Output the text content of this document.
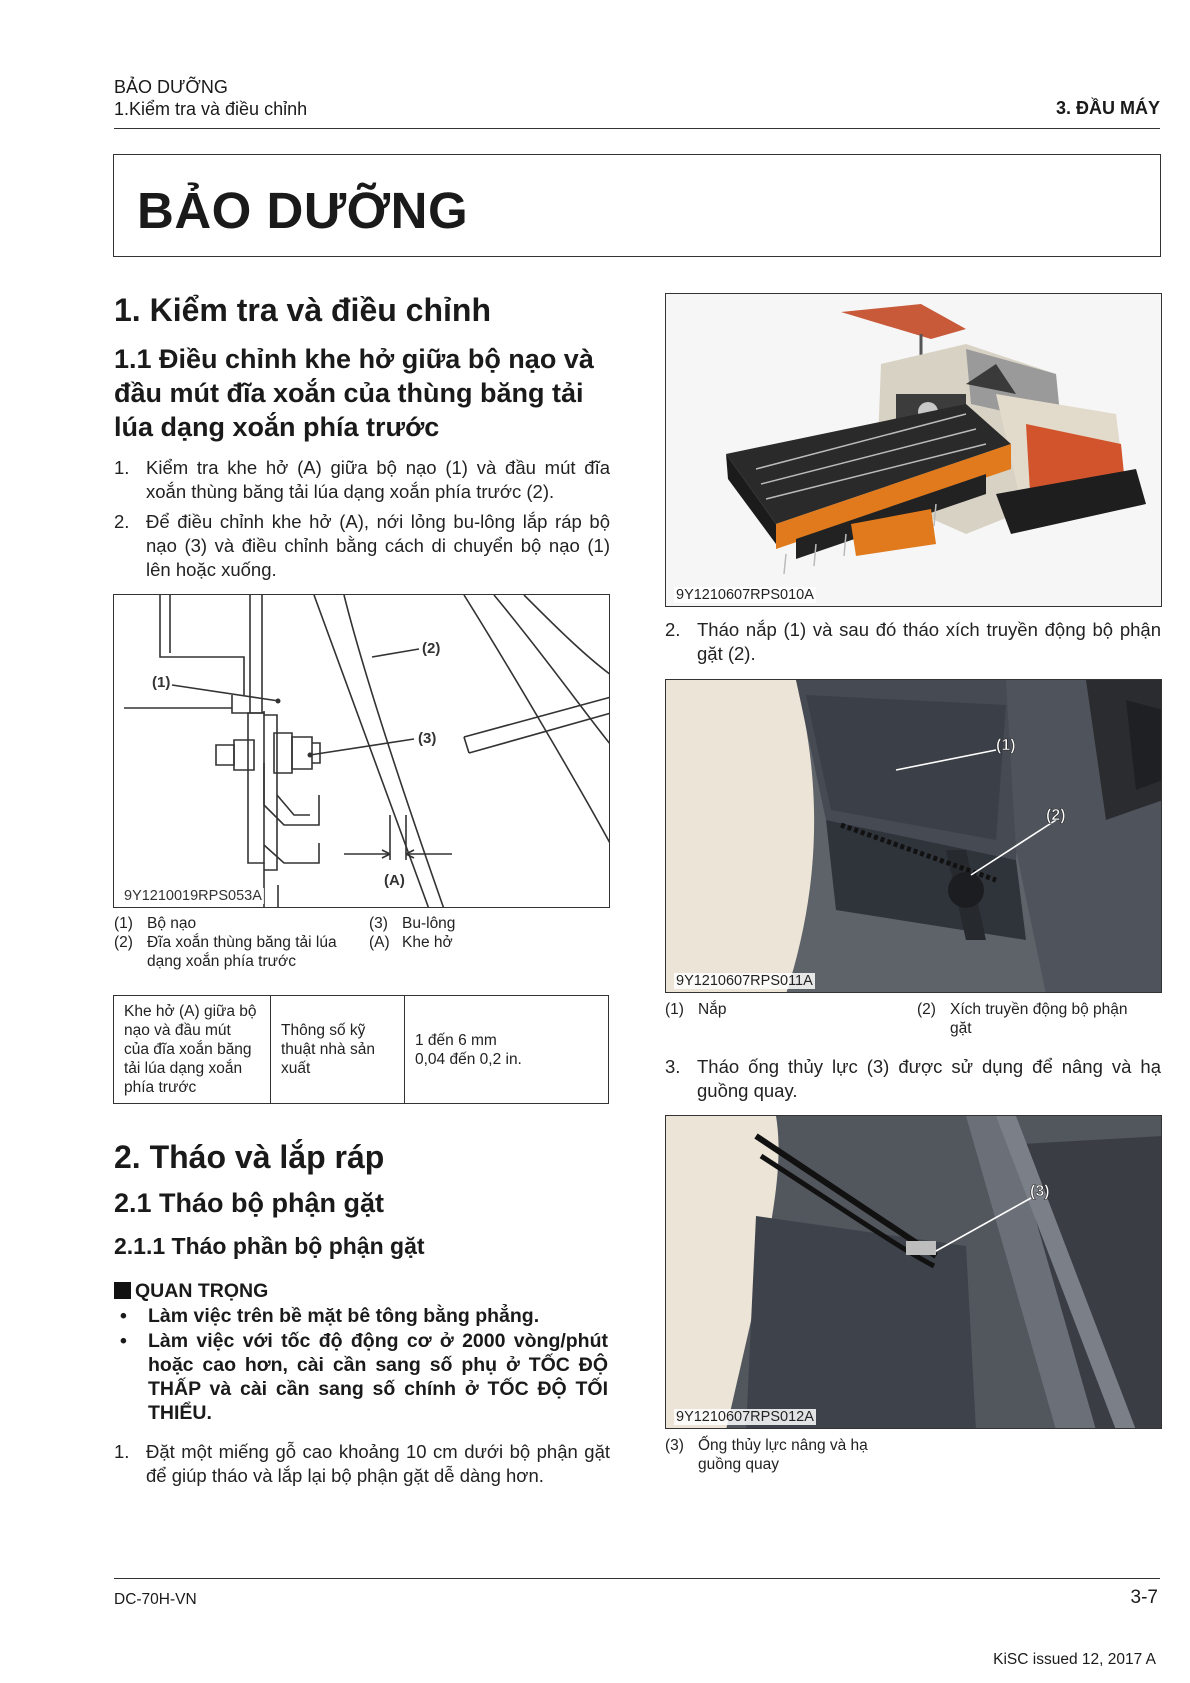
BẢO DƯỠNG
1.Kiểm tra và điều chỉnh	3. ĐẦU MÁY
BẢO DƯỠNG
1. Kiểm tra và điều chỉnh
1.1 Điều chỉnh khe hở giữa bộ nạo và đầu mút đĩa xoắn của thùng băng tải lúa dạng xoắn phía trước
1. Kiểm tra khe hở (A) giữa bộ nạo (1) và đầu mút đĩa xoắn thùng băng tải lúa dạng xoắn phía trước (2).
2. Để điều chỉnh khe hở (A), nới lỏng bu-lông lắp ráp bộ nạo (3) và điều chỉnh bằng cách di chuyển bộ nạo (1) lên hoặc xuống.
(1)
(2)
(3)
(A)
9Y1210019RPS053A
(1) Bộ nạo
(2) Đĩa xoắn thùng băng tải lúa dạng xoắn phía trước
(3) Bu-lông
(A) Khe hở
Khe hở (A) giữa bộ nạo và đầu mút của đĩa xoắn băng tải lúa dạng xoắn phía trước	Thông số kỹ thuật nhà sản xuất	
1 đến 6 mm
0,04 đến 0,2 in.
2. Tháo và lắp ráp
2.1 Tháo bộ phận gặt
2.1.1 Tháo phần bộ phận gặt
QUAN TRỌNG
• Làm việc trên bề mặt bê tông bằng phẳng.
• Làm việc với tốc độ động cơ ở 2000 vòng/phút hoặc cao hơn, cài cần sang số phụ ở TỐC ĐỘ THẤP và cài cần sang số chính ở TỐC ĐỘ TỐI THIỂU.
1. Đặt một miếng gỗ cao khoảng 10 cm dưới bộ phận gặt để giúp tháo và lắp lại bộ phận gặt dễ dàng hơn.
9Y1210607RPS010A
2. Tháo nắp (1) và sau đó tháo xích truyền động bộ phận gặt (2).
(1)
(2)
9Y1210607RPS011A
(1) Nắp	(2) Xích truyền động bộ phận gặt
3. Tháo ống thủy lực (3) được sử dụng để nâng và hạ guồng quay.
(3)
9Y1210607RPS012A
(3) Ống thủy lực nâng và hạ guồng quay
DC-70H-VN	3-7
KiSC issued 12, 2017 A
